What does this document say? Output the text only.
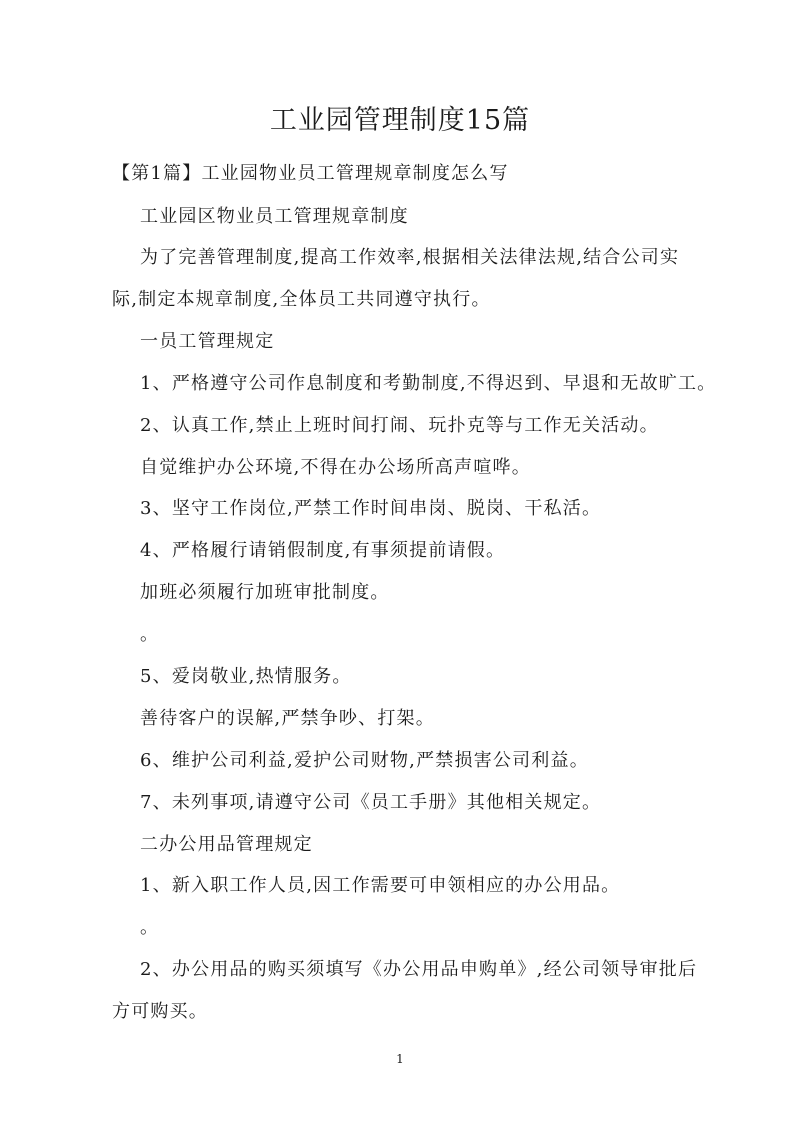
工业园管理制度15篇

【第1篇】工业园物业员工管理规章制度怎么写

工业园区物业员工管理规章制度

为了完善管理制度,提高工作效率,根据相关法律法规,结合公司实

际,制定本规章制度,全体员工共同遵守执行。

一员工管理规定

1、严格遵守公司作息制度和考勤制度,不得迟到、早退和无故旷工。

2、认真工作,禁止上班时间打闹、玩扑克等与工作无关活动。

自觉维护办公环境,不得在办公场所高声喧哗。

3、坚守工作岗位,严禁工作时间串岗、脱岗、干私活。

4、严格履行请销假制度,有事须提前请假。

加班必须履行加班审批制度。

。

5、爱岗敬业,热情服务。

善待客户的误解,严禁争吵、打架。

6、维护公司利益,爱护公司财物,严禁损害公司利益。

7、未列事项,请遵守公司《员工手册》其他相关规定。

二办公用品管理规定

1、新入职工作人员,因工作需要可申领相应的办公用品。

。

2、办公用品的购买须填写《办公用品申购单》,经公司领导审批后

方可购买。

1
